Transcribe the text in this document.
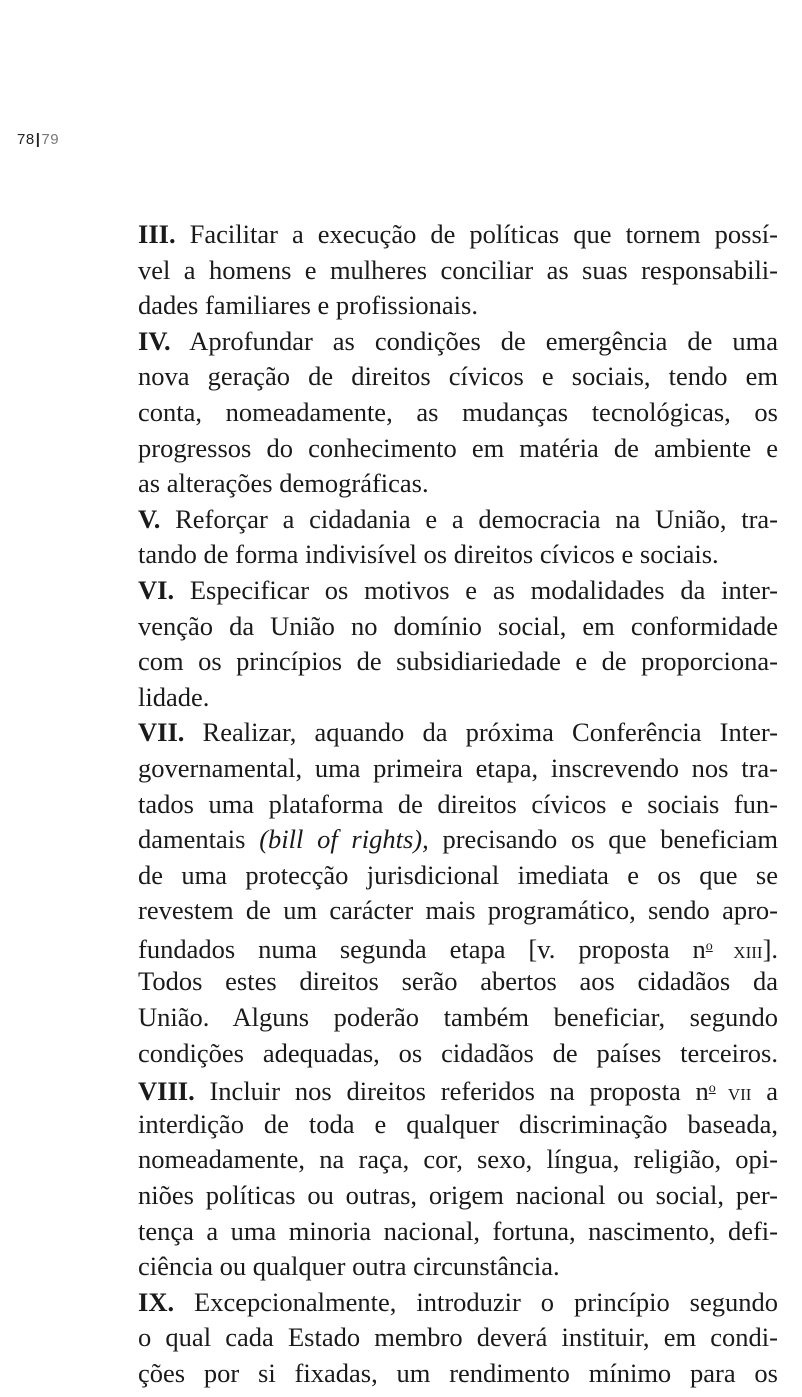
78|79
III. Facilitar a execução de políticas que tornem possí-
vel a homens e mulheres conciliar as suas responsabili-
dades familiares e profissionais.
IV. Aprofundar as condições de emergência de uma
nova geração de direitos cívicos e sociais, tendo em
conta, nomeadamente, as mudanças tecnológicas, os
progressos do conhecimento em matéria de ambiente e
as alterações demográficas.
V. Reforçar a cidadania e a democracia na União, tra-
tando de forma indivisível os direitos cívicos e sociais.
VI. Especificar os motivos e as modalidades da inter-
venção da União no domínio social, em conformidade
com os princípios de subsidiariedade e de proporciona-
lidade.
VII. Realizar, aquando da próxima Conferência Inter-
governamental, uma primeira etapa, inscrevendo nos tra-
tados uma plataforma de direitos cívicos e sociais fun-
damentais (bill of rights), precisando os que beneficiam
de uma protecção jurisdicional imediata e os que se
revestem de um carácter mais programático, sendo apro-
fundados numa segunda etapa [v. proposta $n^o$ XIII].
Todos estes direitos serão abertos aos cidadãos da
União. Alguns poderão também beneficiar, segundo
condições adequadas, os cidadãos de países terceiros.
VIII. Incluir nos direitos referidos na proposta $n^o$ VII a
interdição de toda e qualquer discriminação baseada,
nomeadamente, na raça, cor, sexo, língua, religião, opi-
niões políticas ou outras, origem nacional ou social, per-
tença a uma minoria nacional, fortuna, nascimento, defi-
ciência ou qualquer outra circunstância.
IX. Excepcionalmente, introduzir o princípio segundo
o qual cada Estado membro deverá instituir, em condi-
ções por si fixadas, um rendimento mínimo para os
